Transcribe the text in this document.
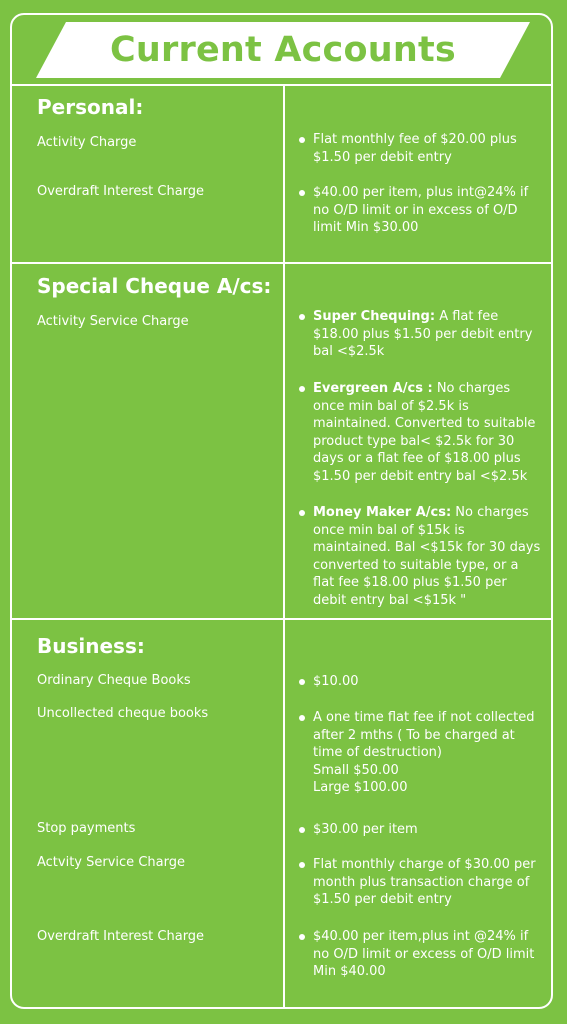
Current Accounts
Personal:
Activity Charge	Flat monthly fee of $20.00 plus $1.50 per debit entry
Overdraft Interest Charge	$40.00 per item, plus int@24% if no O/D limit or in excess of O/D limit Min $30.00
Special Cheque A/cs:
Activity Service Charge	Super Chequing: A flat fee $18.00 plus $1.50 per debit entry bal <$2.5k
Evergreen A/cs : No charges once min bal of $2.5k is maintained. Converted to suitable product type bal< $2.5k for 30 days or a flat fee of $18.00 plus $1.50 per debit entry bal <$2.5k
Money Maker A/cs: No charges once min bal of $15k is maintained. Bal <$15k for 30 days converted to suitable type, or a flat fee $18.00 plus $1.50 per debit entry bal <$15k "
Business:
Ordinary Cheque Books	$10.00
Uncollected cheque books	A one time flat fee if not collected after 2 mths ( To be charged at time of destruction)
Small $50.00
Large $100.00
Stop payments	$30.00 per item
Actvity Service Charge	Flat monthly charge of $30.00 per month plus transaction charge of $1.50 per debit entry
Overdraft Interest Charge	$40.00 per item,plus int @24% if no O/D limit or excess of O/D limit Min $40.00
